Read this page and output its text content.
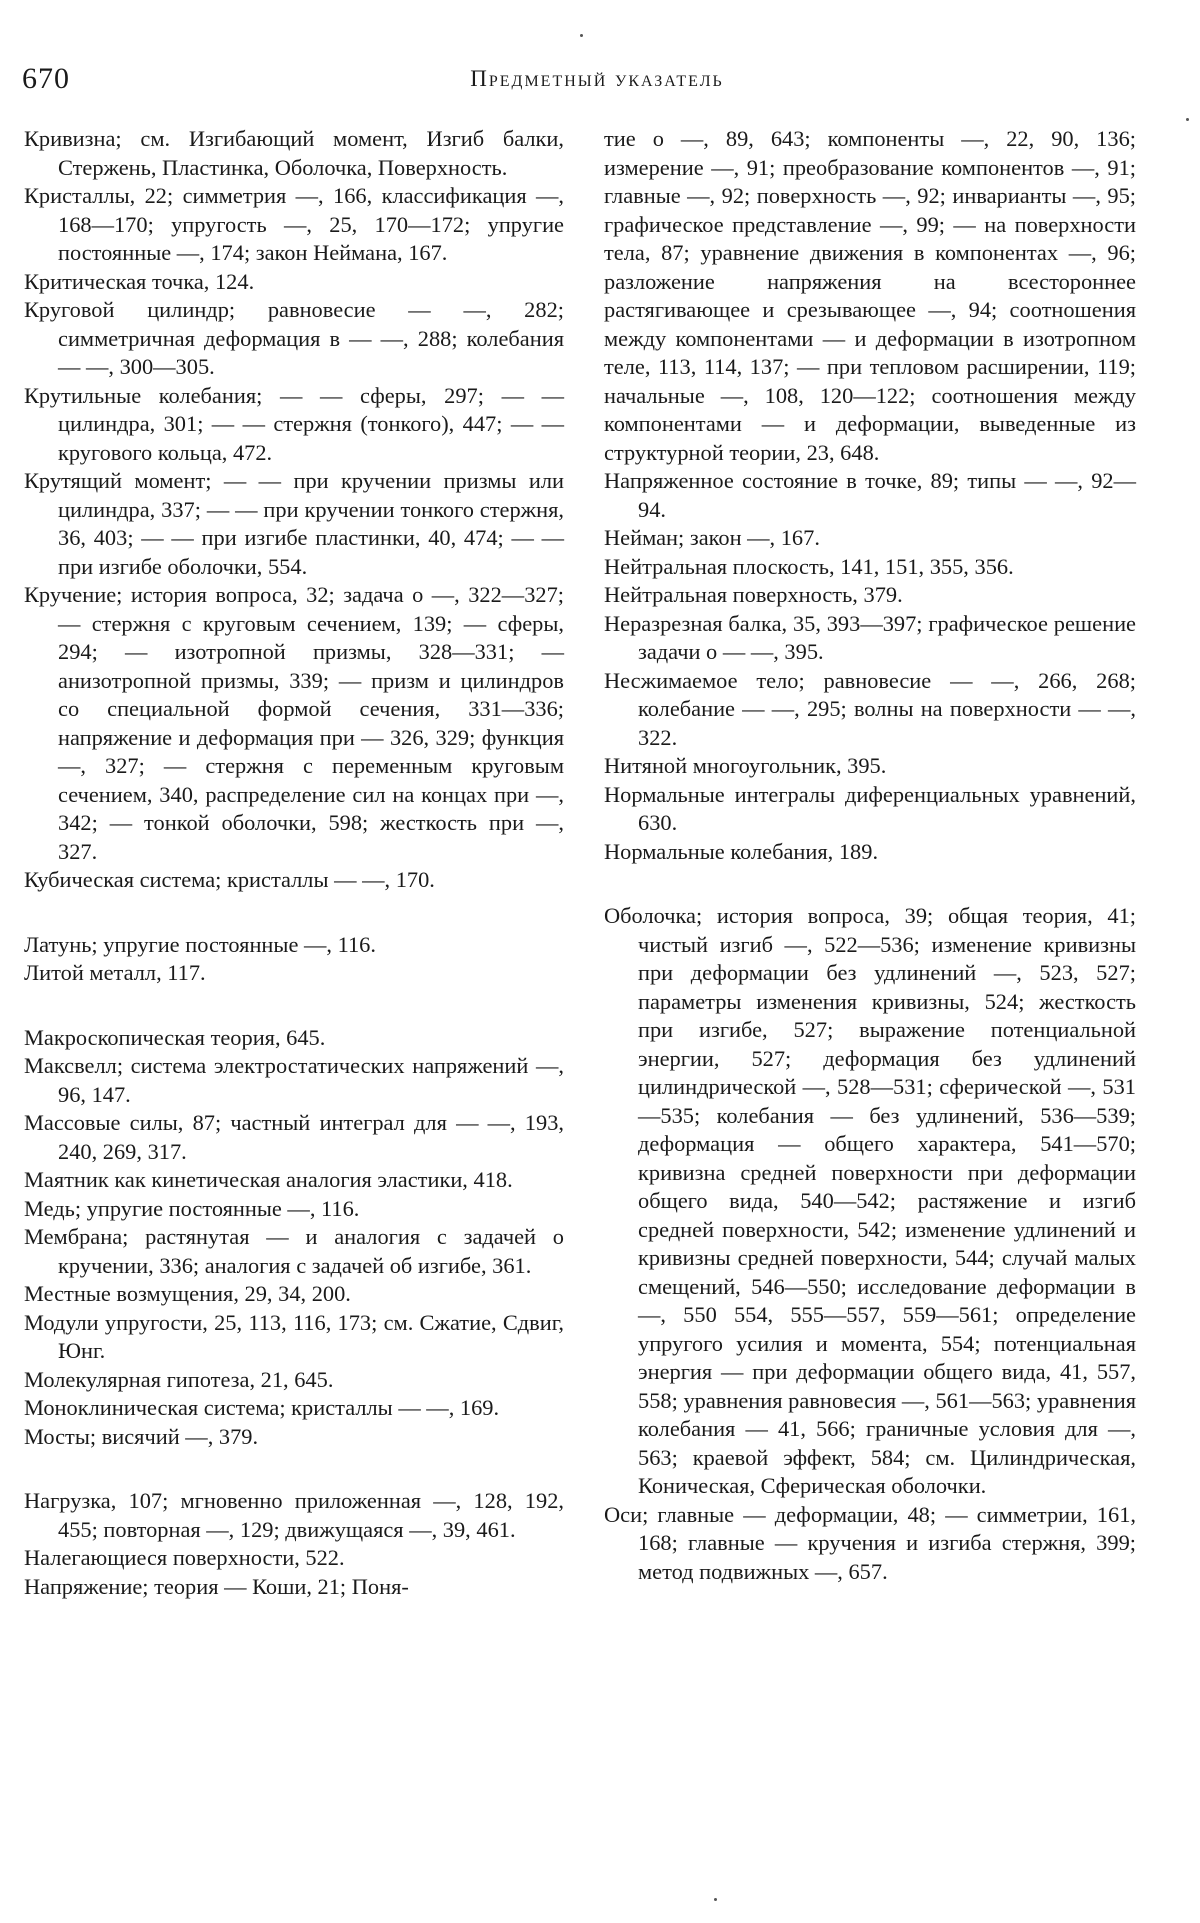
670	Предметный указатель

Кривизна; см. Изгибающий момент, Изгиб балки, Стержень, Пластинка, Оболочка, Поверхность.

Кристаллы, 22; симметрия —, 166, классификация —, 168—170; упругость —, 25, 170—172; упругие постоянные —, 174; закон Неймана, 167.

Критическая точка, 124.

Круговой цилиндр; равновесие — —, 282; симметричная деформация в — —, 288; колебания — —, 300—305.

Крутильные колебания; — — сферы, 297; — — цилиндра, 301; — — стержня (тонкого), 447; — — кругового кольца, 472.

Крутящий момент; — — при кручении призмы или цилиндра, 337; — — при кручении тонкого стержня, 36, 403; — — при изгибе пластинки, 40, 474; — — при изгибе оболочки, 554.

Кручение; история вопроса, 32; задача о —, 322—327; — стержня с круговым сечением, 139; — сферы, 294; — изотропной призмы, 328—331; — анизотропной призмы, 339; — призм и цилиндров со специальной формой сечения, 331—336; напряжение и деформация при — 326, 329; функция —, 327; — стержня с переменным круговым сечением, 340, распределение сил на концах при —, 342; — тонкой оболочки, 598; жесткость при —, 327.

Кубическая система; кристаллы — —, 170.

Латунь; упругие постоянные —, 116.

Литой металл, 117.

Макроскопическая теория, 645.

Максвелл; система электростатических напряжений —, 96, 147.

Массовые силы, 87; частный интеграл для — —, 193, 240, 269, 317.

Маятник как кинетическая аналогия эластики, 418.

Медь; упругие постоянные —, 116.

Мембрана; растянутая — и аналогия с задачей о кручении, 336; аналогия с задачей об изгибе, 361.

Местные возмущения, 29, 34, 200.

Модули упругости, 25, 113, 116, 173; см. Сжатие, Сдвиг, Юнг.

Молекулярная гипотеза, 21, 645.

Моноклиническая система; кристаллы — —, 169.

Мосты; висячий —, 379.

Нагрузка, 107; мгновенно приложенная —, 128, 192, 455; повторная —, 129; движущаяся —, 39, 461.

Налегающиеся поверхности, 522.

Напряжение; теория — Коши, 21; Поня-

тие о —, 89, 643; компоненты —, 22, 90, 136; измерение —, 91; преобразование компонентов —, 91; главные —, 92; поверхность —, 92; инварианты —, 95; графическое представление —, 99; — на поверхности тела, 87; уравнение движения в компонентах —, 96; разложение напряжения на всестороннее растягивающее и срезывающее —, 94; соотношения между компонентами — и деформации в изотропном теле, 113, 114, 137; — при тепловом расширении, 119; начальные —, 108, 120—122; соотношения между компонентами — и деформации, выведенные из структурной теории, 23, 648.

Напряженное состояние в точке, 89; типы — —, 92—94.

Нейман; закон —, 167.

Нейтральная плоскость, 141, 151, 355, 356.

Нейтральная поверхность, 379.

Неразрезная балка, 35, 393—397; графическое решение задачи о — —, 395.

Несжимаемое тело; равновесие — —, 266, 268; колебание — —, 295; волны на поверхности — —, 322.

Нитяной многоугольник, 395.

Нормальные интегралы диференциальных уравнений, 630.

Нормальные колебания, 189.

Оболочка; история вопроса, 39; общая теория, 41; чистый изгиб —, 522—536; изменение кривизны при деформации без удлинений —, 523, 527; параметры изменения кривизны, 524; жесткость при изгибе, 527; выражение потенциальной энергии, 527; деформация без удлинений цилиндрической —, 528—531; сферической —, 531—535; колебания — без удлинений, 536—539; деформация — общего характера, 541—570; кривизна средней поверхности при деформации общего вида, 540—542; растяжение и изгиб средней поверхности, 542; изменение удлинений и кривизны средней поверхности, 544; случай малых смещений, 546—550; исследование деформации в —, 550 554, 555—557, 559—561; определение упругого усилия и момента, 554; потенциальная энергия — при деформации общего вида, 41, 557, 558; уравнения равновесия —, 561—563; уравнения колебания — 41, 566; граничные условия для —, 563; краевой эффект, 584; см. Цилиндрическая, Коническая, Сферическая оболочки.

Оси; главные — деформации, 48; — симметрии, 161, 168; главные — кручения и изгиба стержня, 399; метод подвижных —, 657.
